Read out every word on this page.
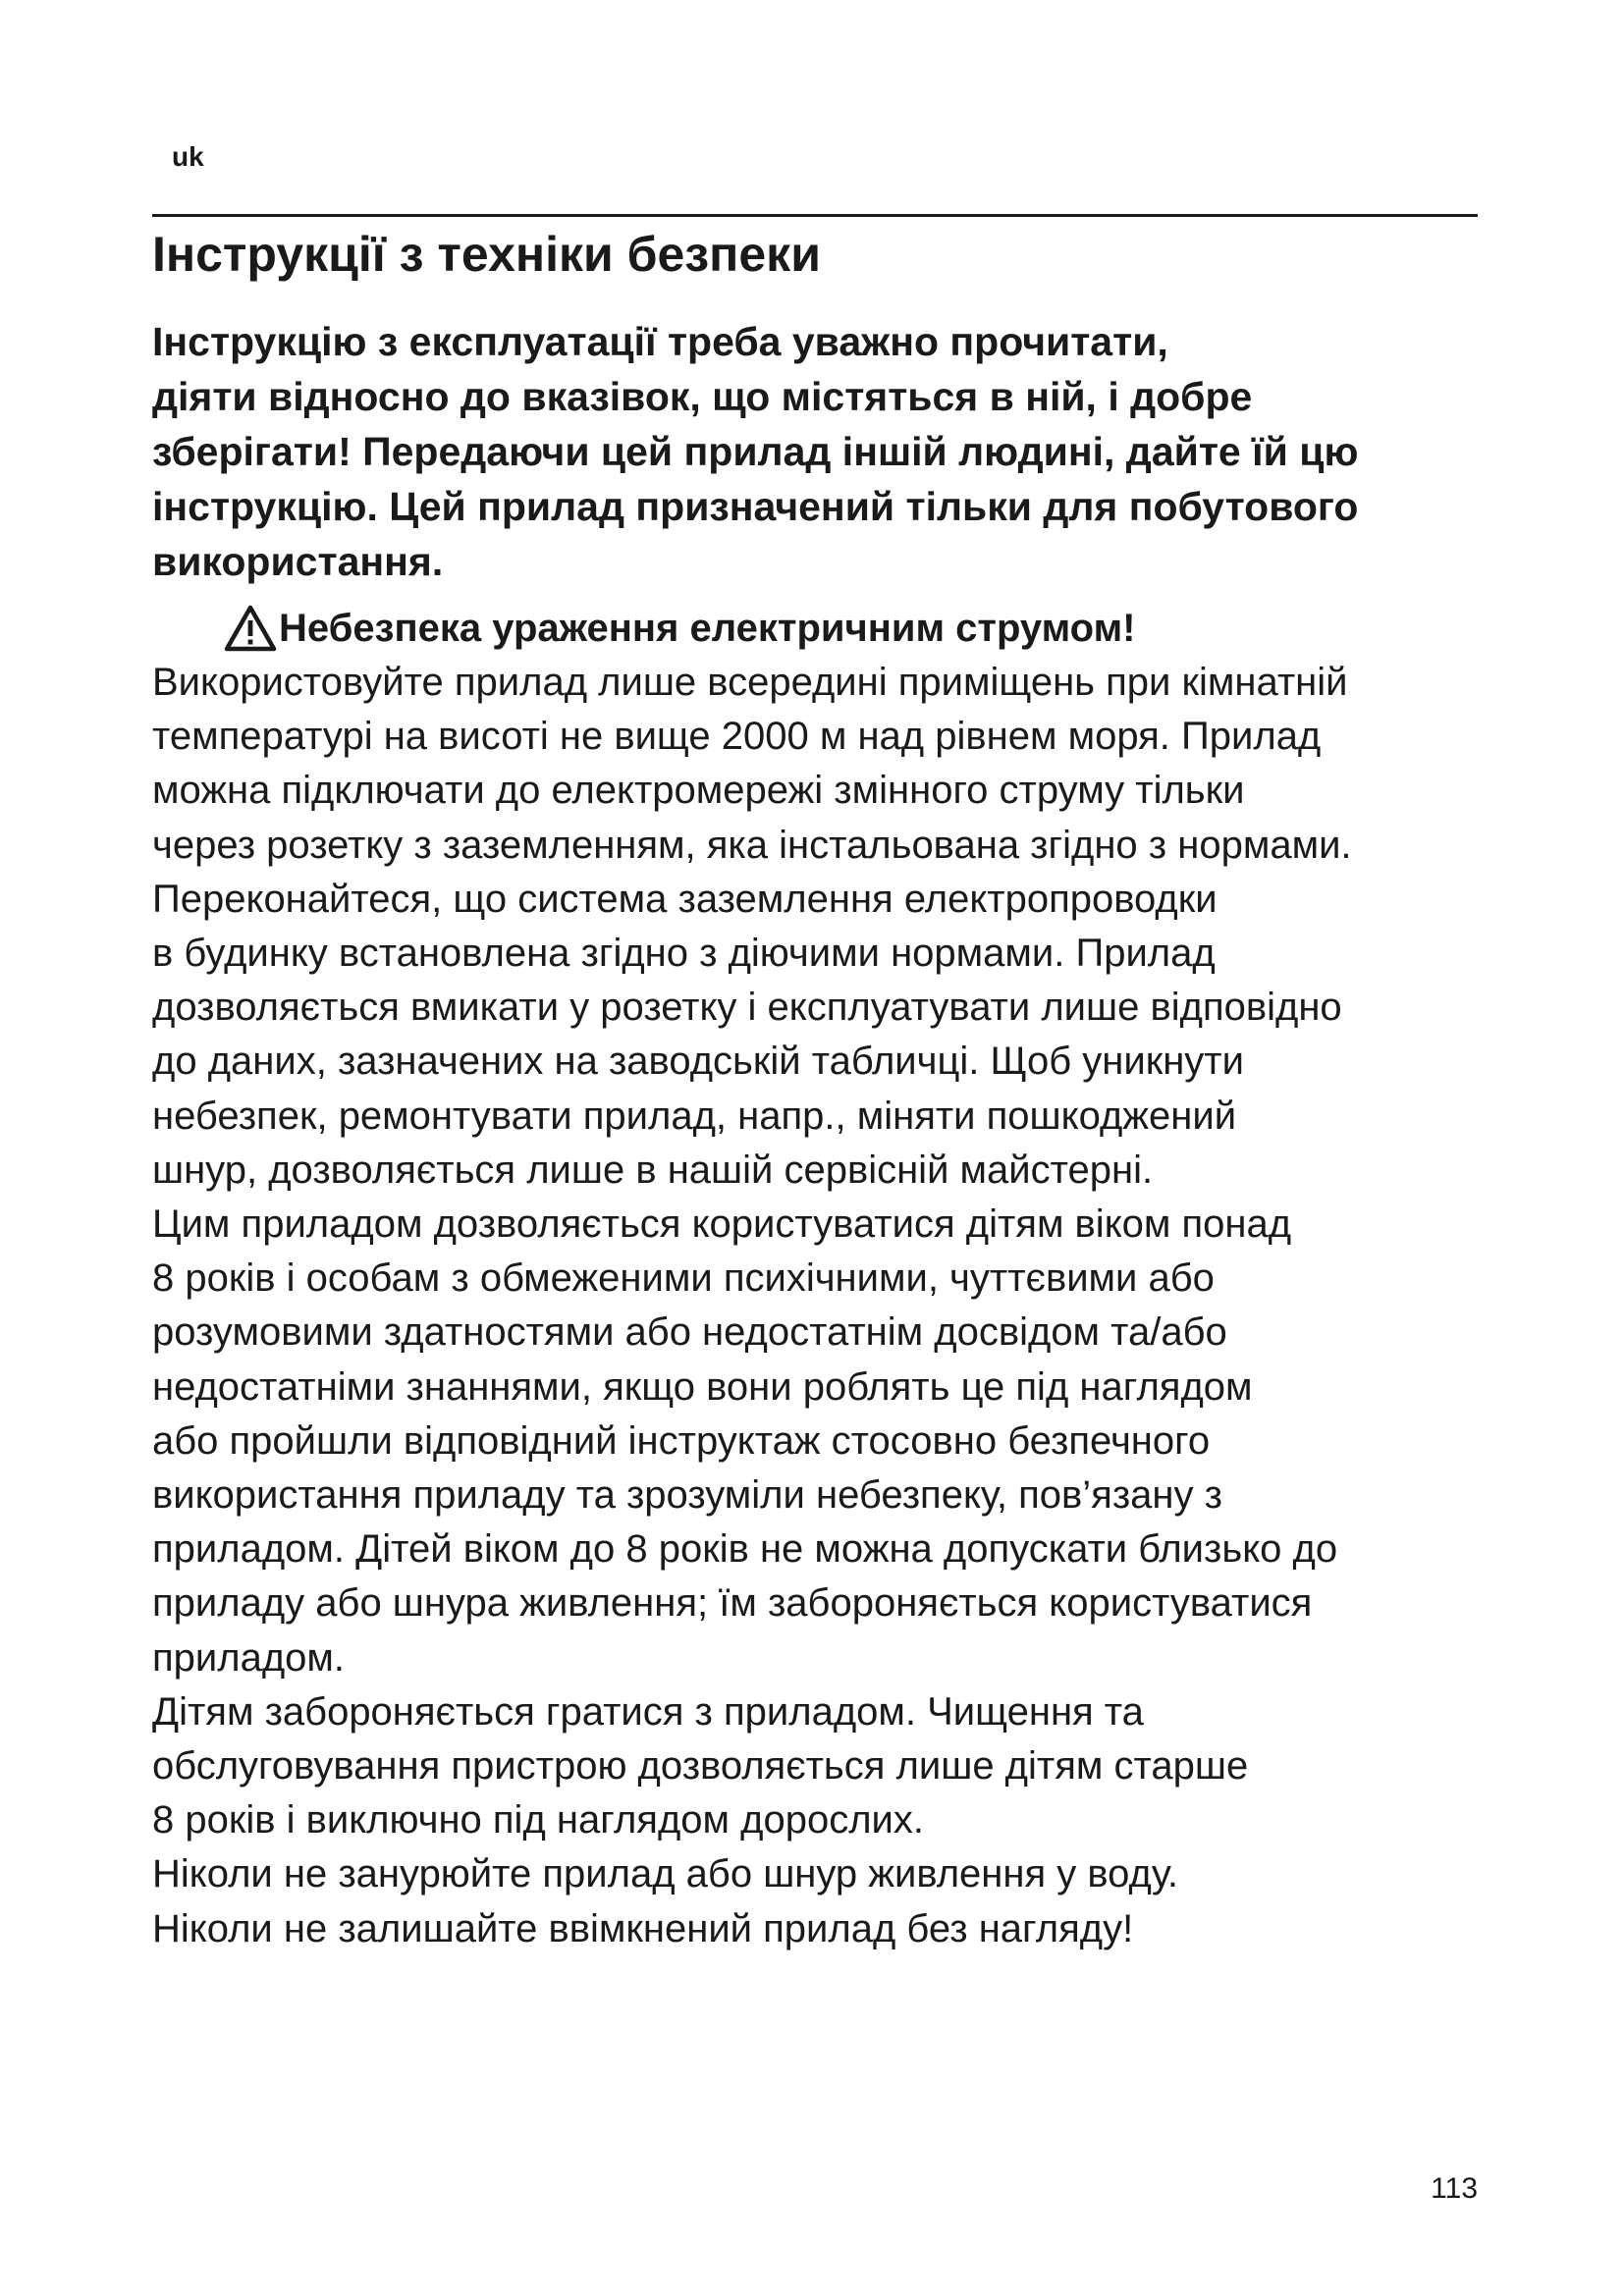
uk
Інструкції з техніки безпеки
Інструкцію з експлуатації треба уважно прочитати,
діяти відносно до вказівок, що містяться в ній, і добре
зберігати! Передаючи цей прилад іншій людині, дайте їй цю
інструкцію. Цей прилад призначений тільки для побутового
використання.
Небезпека ураження електричним струмом!
Використовуйте прилад лише всередині приміщень при кімнатній
температурі на висоті не вище 2000 м над рівнем моря. Прилад
можна підключати до електромережі змінного струму тільки
через розетку з заземленням, яка інстальована згідно з нормами.
Переконайтеся, що система заземлення електропроводки
в будинку встановлена згідно з діючими нормами. Прилад
дозволяється вмикати у розетку і експлуатувати лише відповідно
до даних, зазначених на заводській табличці. Щоб уникнути
небезпек, ремонтувати прилад, напр., міняти пошкоджений
шнур, дозволяється лише в нашій сервісній майстерні.
Цим приладом дозволяється користуватися дітям віком понад
8 років і особам з обмеженими психічними, чуттєвими або
розумовими здатностями або недостатнім досвідом та/або
недостатніми знаннями, якщо вони роблять це під наглядом
або пройшли відповідний інструктаж стосовно безпечного
використання приладу та зрозуміли небезпеку, пов’язану з
приладом. Дітей віком до 8 років не можна допускати близько до
приладу або шнура живлення; їм забороняється користуватися
приладом.
Дітям забороняється гратися з приладом. Чищення та
обслуговування пристрою дозволяється лише дітям старше
8 років і виключно під наглядом дорослих.
Ніколи не занурюйте прилад або шнур живлення у воду.
Ніколи не залишайте ввімкнений прилад без нагляду!
113
